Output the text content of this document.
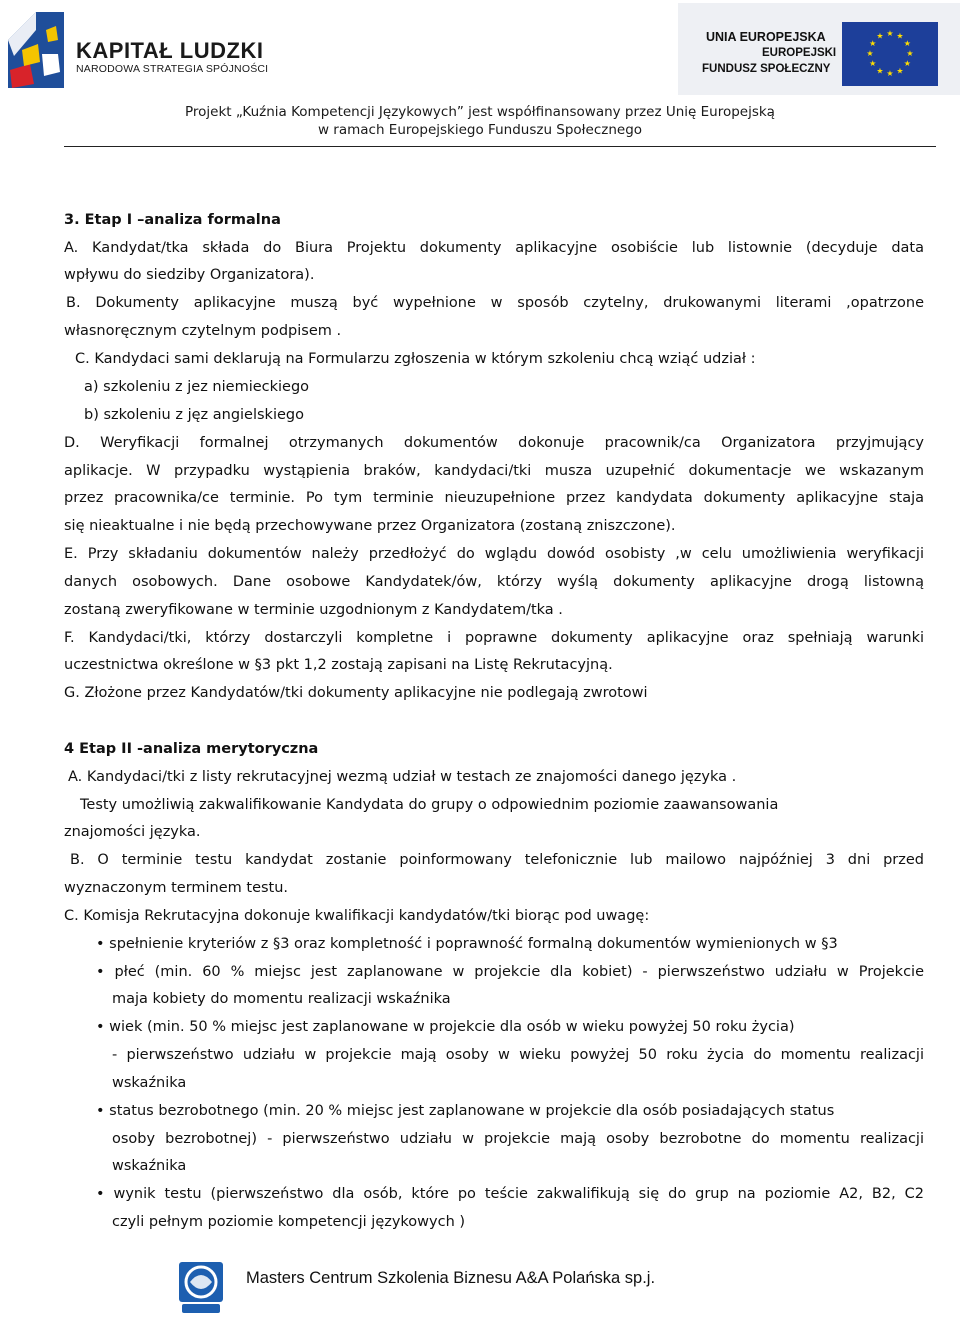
KAPITAŁ LUDZKI
NARODOWA STRATEGIA SPÓJNOŚCI
UNIA EUROPEJSKA
EUROPEJSKI
FUNDUSZ SPOŁECZNY
★ ★
★
★
★
★
★
★
★
★
★
★
Projekt „Kuźnia Kompetencji Językowych” jest współfinansowany przez Unię Europejską
w ramach Europejskiego Funduszu Społecznego
3. Etap I –analiza formalna
A. Kandydat/tka składa do Biura Projektu dokumenty aplikacyjne osobiście lub listownie (decyduje data
wpływu do siedziby Organizatora).
B. Dokumenty aplikacyjne muszą być wypełnione w sposób czytelny, drukowanymi literami ,opatrzone
własnoręcznym czytelnym podpisem .
C. Kandydaci sami deklarują na Formularzu zgłoszenia w którym szkoleniu chcą wziąć udział :
a) szkoleniu z jez niemieckiego
b) szkoleniu z jęz angielskiego
D. Weryfikacji formalnej otrzymanych dokumentów dokonuje pracownik/ca Organizatora przyjmujący
aplikacje. W przypadku wystąpienia braków, kandydaci/tki musza uzupełnić dokumentacje we wskazanym
przez pracownika/ce terminie. Po tym terminie nieuzupełnione przez kandydata dokumenty aplikacyjne staja
się nieaktualne i nie będą przechowywane przez Organizatora (zostaną zniszczone).
E. Przy składaniu dokumentów należy przedłożyć do wglądu dowód osobisty ,w celu umożliwienia weryfikacji
danych osobowych. Dane osobowe Kandydatek/ów, którzy wyślą dokumenty aplikacyjne drogą listowną
zostaną zweryfikowane w terminie uzgodnionym z Kandydatem/tka .
F. Kandydaci/tki, którzy dostarczyli kompletne i poprawne dokumenty aplikacyjne oraz spełniają warunki
uczestnictwa określone w §3 pkt 1,2 zostają zapisani na Listę Rekrutacyjną.
G. Złożone przez Kandydatów/tki dokumenty aplikacyjne nie podlegają zwrotowi
4 Etap II -analiza merytoryczna
A. Kandydaci/tki z listy rekrutacyjnej wezmą udział w testach ze znajomości danego języka .
Testy umożliwią zakwalifikowanie Kandydata do grupy o odpowiednim poziomie zaawansowania
znajomości języka.
B. O terminie testu kandydat zostanie poinformowany telefonicznie lub mailowo najpóźniej 3 dni przed
wyznaczonym terminem testu.
C. Komisja Rekrutacyjna dokonuje kwalifikacji kandydatów/tki biorąc pod uwagę:
• spełnienie kryteriów z §3 oraz kompletność i poprawność formalną dokumentów wymienionych w §3
• płeć (min. 60 % miejsc jest zaplanowane w projekcie dla kobiet) - pierwszeństwo udziału w Projekcie
maja kobiety do momentu realizacji wskaźnika
• wiek (min. 50 % miejsc jest zaplanowane w projekcie dla osób w wieku powyżej 50 roku życia)
- pierwszeństwo udziału w projekcie mają osoby w wieku powyżej 50 roku życia do momentu realizacji
wskaźnika
• status bezrobotnego (min. 20 % miejsc jest zaplanowane w projekcie dla osób posiadających status
osoby bezrobotnej) - pierwszeństwo udziału w projekcie mają osoby bezrobotne do momentu realizacji
wskaźnika
• wynik testu (pierwszeństwo dla osób, które po teście zakwalifikują się do grup na poziomie A2, B2, C2
czyli pełnym poziomie kompetencji językowych )
Masters Centrum Szkolenia Biznesu A&A Polańska sp.j.
